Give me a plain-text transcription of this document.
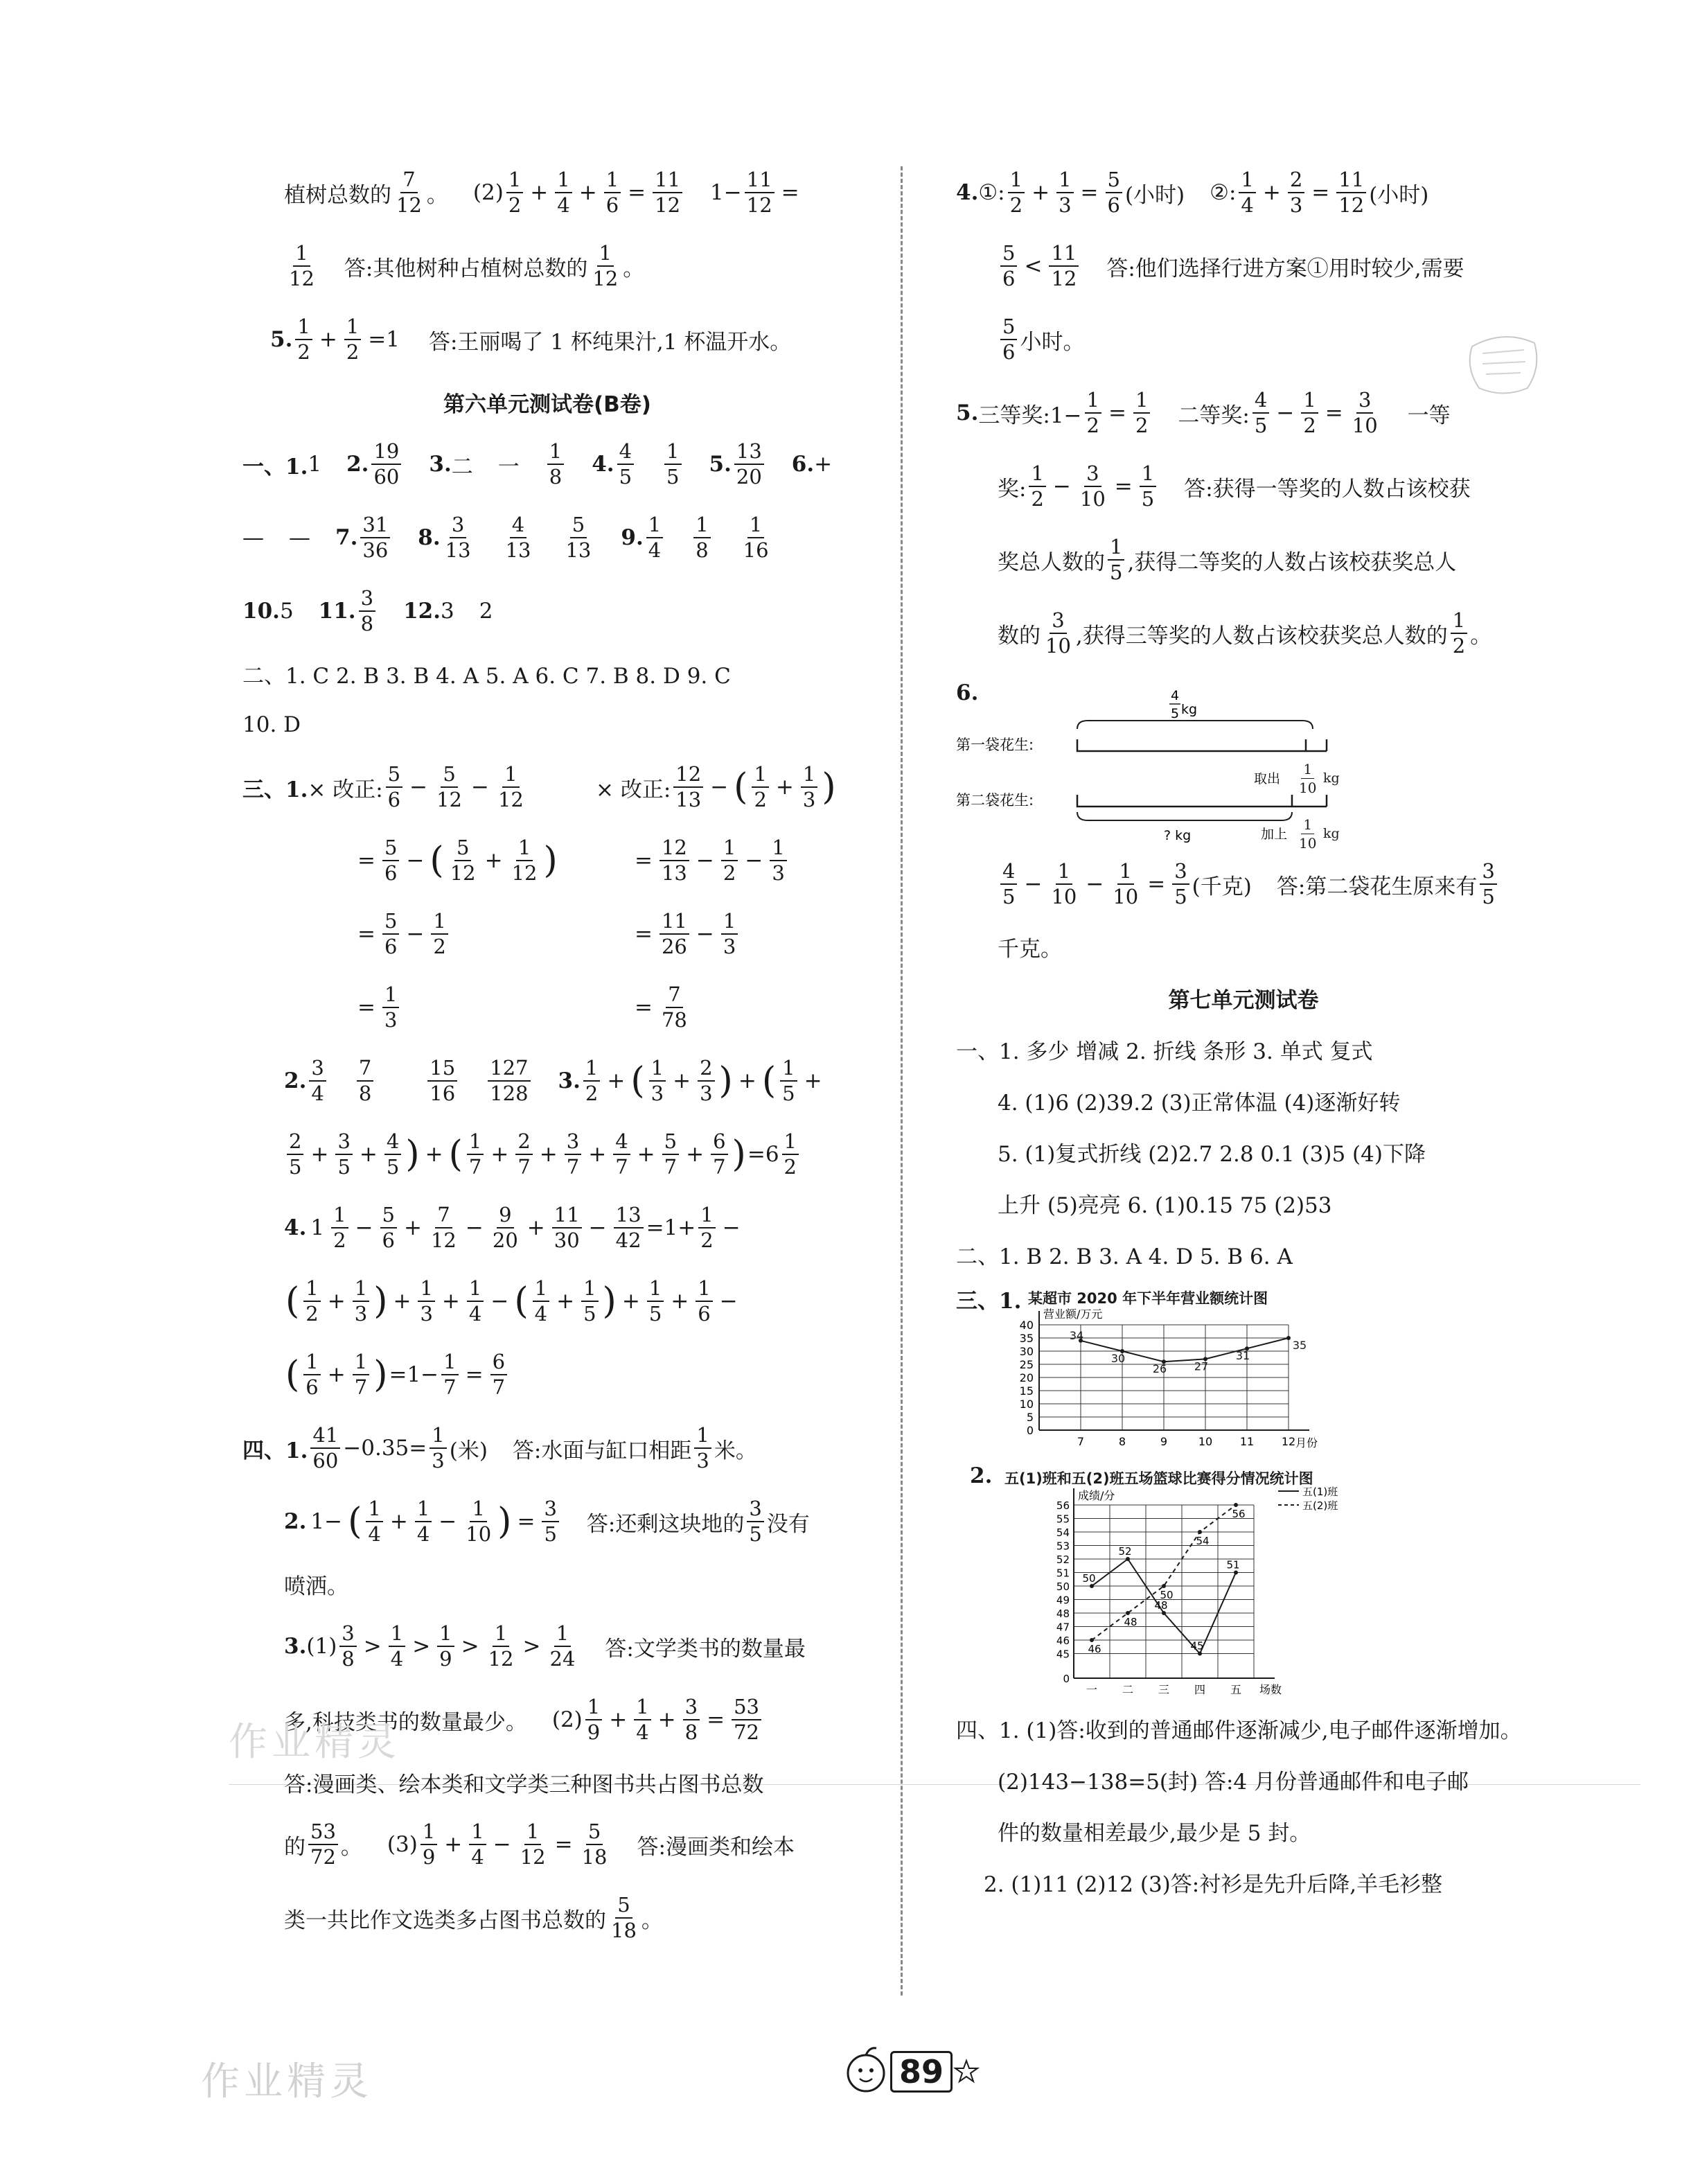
植树总数的 $\frac{7}{12}$ 。 $(2) \frac{1}{2} + \frac{1}{4} + \frac{1}{6} = \frac{11}{12} 1- \frac{11}{12}$ =
$\frac{1}{12}$ 答:其他树种占植树总数的 $\frac{1}{12}$ 。
5. $\frac{1}{2} + \frac{1}{2} =1$ 答:王丽喝了 1 杯纯果汁,1 杯温开水。
第六单元测试卷(B卷)
一、1. 1 2. $\frac{19}{60} 3$. 二 一 $\frac{1}{8} 4$. $\frac{4}{5} \frac{1}{5} 5$. $\frac{13}{20} 6$. +
— — 7. $\frac{31}{36} 8$. $\frac{3}{13} \frac{4}{13} \frac{5}{13} 9$. $\frac{1}{4} \frac{1}{8} \frac{1}{16}$
10. 5 11. $\frac{3}{8} 12$. 3 2
二、1. C 2. B 3. B 4. A 5. A 6. C 7. B 8. D 9. C
10. D
三、1. × 改正: $\frac{5}{6} - \frac{5}{12} - \frac{1}{12}$	× 改正: $\frac{12}{13}$ − ( $\frac{1}{2} + \frac{1}{3}$ )
= $\frac{5}{6}$ − ( $\frac{5}{12} + \frac{1}{12}$ )	= $\frac{12}{13} - \frac{1}{2} - \frac{1}{3}$
= $\frac{5}{6} - \frac{1}{2}$	= $\frac{11}{26} - \frac{1}{3}$
= $\frac{1}{3}$	= $\frac{7}{78}$
2. $\frac{3}{4} \frac{7}{8}$	$\frac{15}{16} \frac{127}{128} 3$. $\frac{1}{2}$ + ( $\frac{1}{3} + \frac{2}{3}$ ) + ( $\frac{1}{5}$ +
$\frac{2}{5} + \frac{3}{5} + \frac{4}{5}$ ) + ( $\frac{1}{7} + \frac{2}{7} + \frac{3}{7} + \frac{4}{7} + \frac{5}{7} + \frac{6}{7}$ ) $=6 \frac{1}{2}$
4. $1 \frac{1}{2} - \frac{5}{6} + \frac{7}{12} - \frac{9}{20} + \frac{11}{30} - \frac{13}{42} =1+ \frac{1}{2}$ −
( $\frac{1}{2} + \frac{1}{3}$ ) + $\frac{1}{3} + \frac{1}{4}$ − ( $\frac{1}{4} + \frac{1}{5}$ ) + $\frac{1}{5} + \frac{1}{6}$ −
( $\frac{1}{6} + \frac{1}{7}$ ) $=1- \frac{1}{7} = \frac{6}{7}$
四、1. $\frac{41}{60} -0.35= \frac{1}{3}$ (米) 答:水面与缸口相距 $\frac{1}{3}$ 米。
2. 1− ( $\frac{1}{4} + \frac{1}{4} - \frac{1}{10}$ ) = $\frac{3}{5}$ 答:还剩这块地的 $\frac{3}{5}$ 没有
喷洒。
3. $(1) \frac{3}{8} > \frac{1}{4} > \frac{1}{9} > \frac{1}{12} > \frac{1}{24}$ 答:文学类书的数量最
多,科技类书的数量最少。 $(2) \frac{1}{9} + \frac{1}{4} + \frac{3}{8} = \frac{53}{72}$
答:漫画类、绘本类和文学类三种图书共占图书总数
的 $\frac{53}{72}$ 。 $(3) \frac{1}{9} + \frac{1}{4} - \frac{1}{12} = \frac{5}{18}$ 答:漫画类和绘本
类一共比作文选类多占图书总数的 $\frac{5}{18}$ 。
4. ①: $\frac{1}{2} + \frac{1}{3} = \frac{5}{6}$ (小时) ②: $\frac{1}{4} + \frac{2}{3} = \frac{11}{12}$ (小时)
$\frac{5}{6} < \frac{11}{12}$ 答:他们选择行进方案①用时较少,需要
$\frac{5}{6}$ 小时。
5. 三等奖:1− $\frac{1}{2} = \frac{1}{2}$ 二等奖: $\frac{4}{5} - \frac{1}{2} = \frac{3}{10}$ 一等
奖: $\frac{1}{2} - \frac{3}{10} = \frac{1}{5}$ 答:获得一等奖的人数占该校获
奖总人数的 $\frac{1}{5}$ ,获得二等奖的人数占该校获奖总人
数的 $\frac{3}{10}$ ,获得三等奖的人数占该校获奖总人数的 $\frac{1}{2}$ 。
6.	4
5
第一袋花生:
取出
kg
第二袋花生:
? kg	加上
$\frac{1}{10}$ kg
$\frac{1}{10}$ kg
$\frac{4}{5} - \frac{1}{10} - \frac{1}{10} = \frac{3}{5}$ (千克) 答:第二袋花生原来有 $\frac{3}{5}$
千克。
第七单元测试卷
一、1. 多少 增减 2. 折线 条形 3. 单式 复式
4. (1)6 (2)39.2 (3)正常体温 (4)逐渐好转
5. (1)复式折线 (2)2.7 2.8 0.1 (3)5 (4)下降
上升 (5)亮亮 6. (1)0.15 75 (2)53
二、1. B 2. B 3. A 4. D 5. B 6. A
三、1. 某超市 2020 年下半年营业额统计图
0
5
10
15
20
25
30
35
40
营业额/万元
月份
7	8	9	10 11 12
34
30
26 27
31
35
2. 五(1)班和五(2)班五场篮球比赛得分情况统计图
45
46
47
48
49
50
51
52
53
54
55
56
0
成绩/分
场数
一 二 三 四 五
50
52
48
45
51
五(1)班
46
48
50
54
56
五(2)班
四、1. (1)答:收到的普通邮件逐渐减少,电子邮件逐渐增加。
(2)143−138=5(封) 答:4 月份普通邮件和电子邮
件的数量相差最少,最少是 5 封。
2. (1)11 (2)12 (3)答:衬衫是先升后降,羊毛衫整
作业精灵
作业精灵	89
